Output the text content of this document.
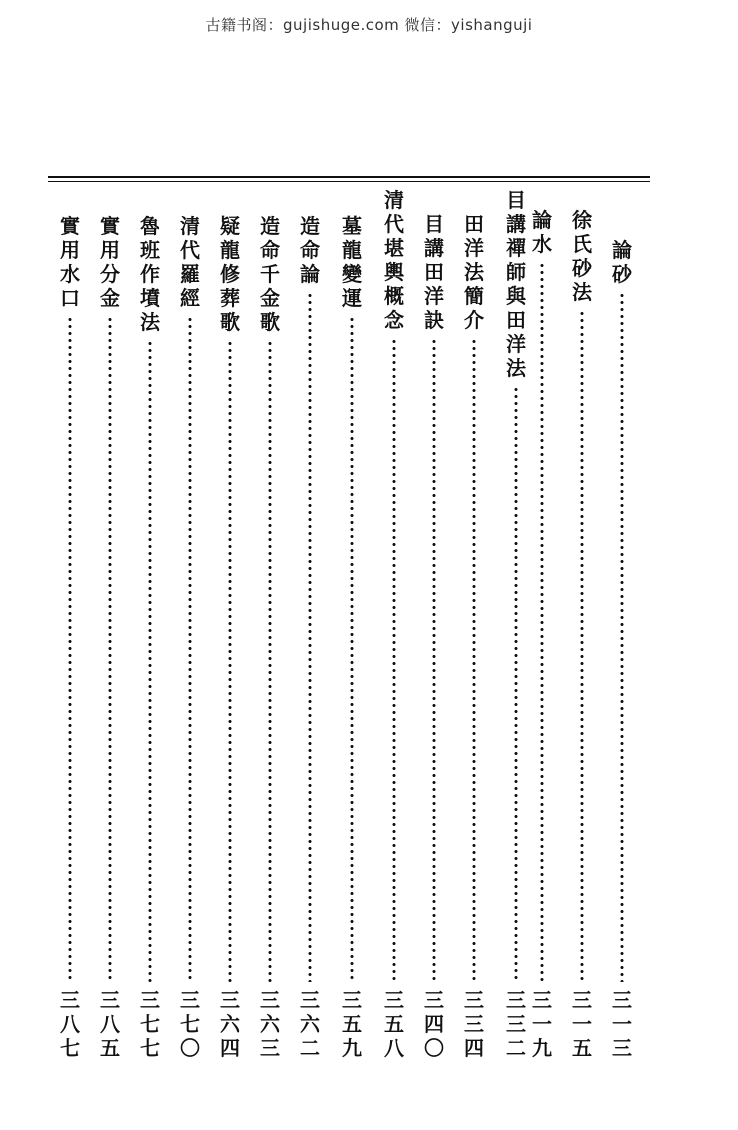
古籍书阁：gujishuge.com 微信：yishanguji
論
砂
三
一
三
徐
氏
砂
法
三
一
五
論
水
三
一
九
目
講
禪
師
與
田
洋
法
三
三
二
田
洋
法
簡
介
三
三
四
目
講
田
洋
訣
三
四
〇
清
代
堪
輿
概
念
三
五
八
墓
龍
變
運
三
五
九
造
命
論
三
六
二
造
命
千
金
歌
三
六
三
疑
龍
修
葬
歌
三
六
四
清
代
羅
經
三
七
〇
魯
班
作
墳
法
三
七
七
實
用
分
金
三
八
五
實
用
水
口
三
八
七
